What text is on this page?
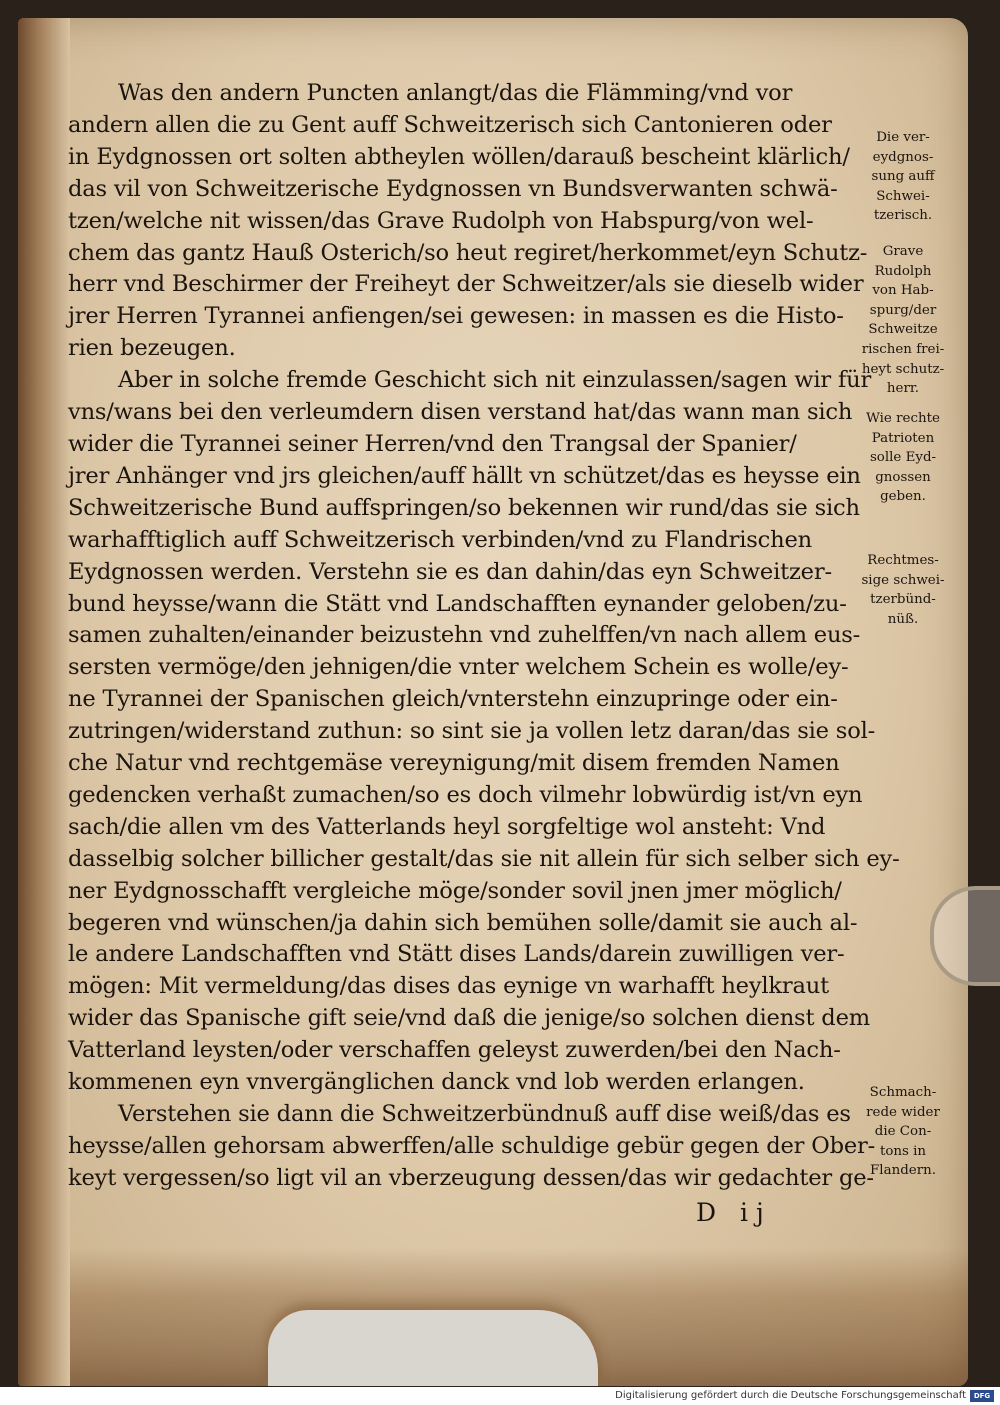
Was den andern Puncten anlangt/das die Flämming/vnd vor
andern allen die zu Gent auff Schweitzerisch sich Cantonieren oder
in Eydgnossen ort solten abtheylen wöllen/darauß bescheint klärlich/
das vil von Schweitzerische Eydgnossen vn Bundsverwanten schwä-
tzen/welche nit wissen/das Grave Rudolph von Habspurg/von wel-
chem das gantz Hauß Osterich/so heut regiret/herkommet/eyn Schutz-
herr vnd Beschirmer der Freiheyt der Schweitzer/als sie dieselb wider
jrer Herren Tyrannei anfiengen/sei gewesen: in massen es die Histo-
rien bezeugen.
Aber in solche fremde Geschicht sich nit einzulassen/sagen wir für
vns/wans bei den verleumdern disen verstand hat/das wann man sich
wider die Tyrannei seiner Herren/vnd den Trangsal der Spanier/
jrer Anhänger vnd jrs gleichen/auff hällt vn schützet/das es heysse ein
Schweitzerische Bund auffspringen/so bekennen wir rund/das sie sich
warhafftiglich auff Schweitzerisch verbinden/vnd zu Flandrischen
Eydgnossen werden. Verstehn sie es dan dahin/das eyn Schweitzer-
bund heysse/wann die Stätt vnd Landschafften eynander geloben/zu-
samen zuhalten/einander beizustehn vnd zuhelffen/vn nach allem eus-
sersten vermöge/den jehnigen/die vnter welchem Schein es wolle/ey-
ne Tyrannei der Spanischen gleich/vnterstehn einzupringe oder ein-
zutringen/widerstand zuthun: so sint sie ja vollen letz daran/das sie sol-
che Natur vnd rechtgemäse vereynigung/mit disem fremden Namen
gedencken verhaßt zumachen/so es doch vilmehr lobwürdig ist/vn eyn
sach/die allen vm des Vatterlands heyl sorgfeltige wol ansteht: Vnd
dasselbig solcher billicher gestalt/das sie nit allein für sich selber sich ey-
ner Eydgnosschafft vergleiche möge/sonder sovil jnen jmer möglich/
begeren vnd wünschen/ja dahin sich bemühen solle/damit sie auch al-
le andere Landschafften vnd Stätt dises Lands/darein zuwilligen ver-
mögen: Mit vermeldung/das dises das eynige vn warhafft heylkraut
wider das Spanische gift seie/vnd daß die jenige/so solchen dienst dem
Vatterland leysten/oder verschaffen geleyst zuwerden/bei den Nach-
kommenen eyn vnvergänglichen danck vnd lob werden erlangen.
Verstehen sie dann die Schweitzerbündnuß auff dise weiß/das es
heysse/allen gehorsam abwerffen/alle schuldige gebür gegen der Ober-
keyt vergessen/so ligt vil an vberzeugung dessen/das wir gedachter ge-
Die ver-
eydgnos-
sung auff
Schwei-
tzerisch.
Grave
Rudolph
von Hab-
spurg/der
Schweitze
rischen frei-
heyt schutz-
herr.
Wie rechte
Patrioten
solle Eyd-
gnossen
geben.
Rechtmes-
sige schwei-
tzerbünd-
nüß.
Schmach-
rede wider
die Con-
tons in
Flandern.
D ij
Digitalisierung gefördert durch die Deutsche Forschungsgemeinschaft	DFG
